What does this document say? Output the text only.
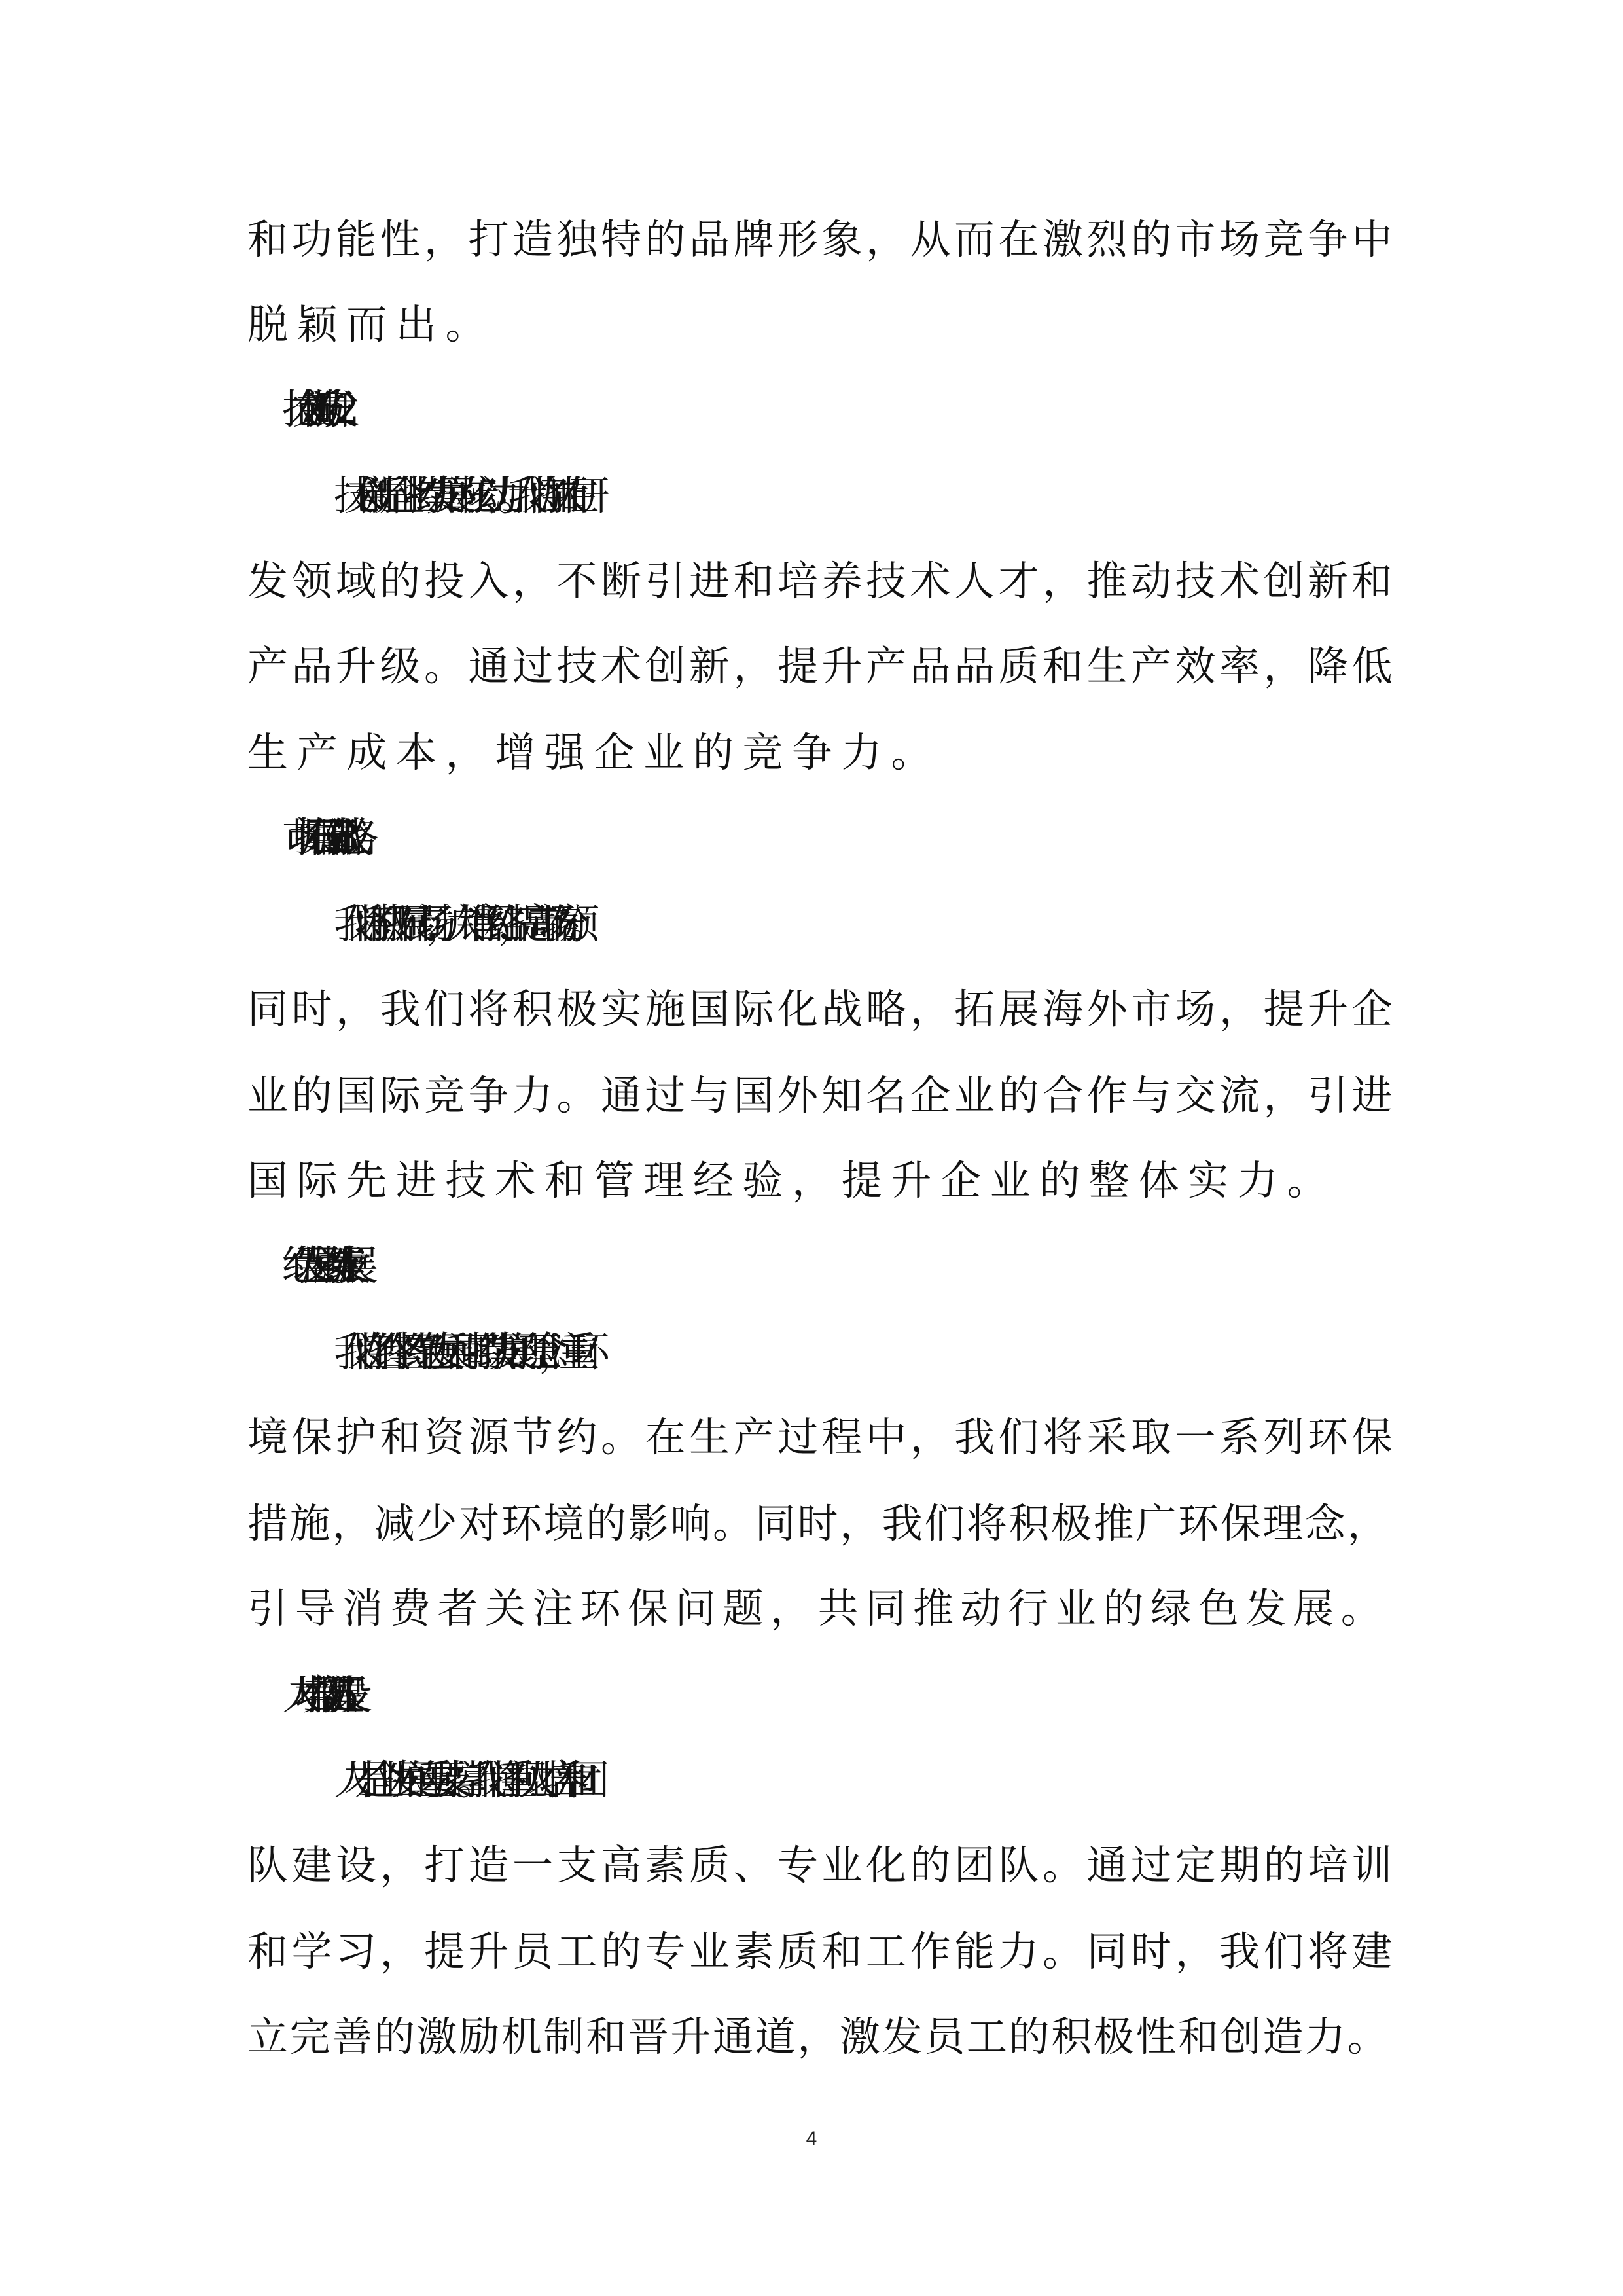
和功能性，打造独特的品牌形象，从而在激烈的市场竞争中
脱颖而出。
技术创新是企业持续发展的核心动力。我们将加大在研
发领域的投入，不断引进和培养技术人才，推动技术创新和
产品升级。通过技术创新，提升产品品质和生产效率，降低
生产成本，增强企业的竞争力。
3. 市场拓展与国际化战略
我们将积极拓展市场，扩大销售网络，提高市场份额。
同时，我们将积极实施国际化战略，拓展海外市场，提升企
业的国际竞争力。通过与国外知名企业的合作与交流，引进
国际先进技术和管理经验，提升企业的整体实力。
4. 绿色发展与可持续发展
我们将始终坚持绿色发展和可持续发展的理念，注重环
境保护和资源节约。在生产过程中，我们将采取一系列环保
措施，减少对环境的影响。同时，我们将积极推广环保理念，
引导消费者关注环保问题，共同推动行业的绿色发展。
5. 人才培养与团队建设
人才是企业发展的重要支撑。我们将重视人才培养和团
队建设，打造一支高素质、专业化的团队。通过定期的培训
和学习，提升员工的专业素质和工作能力。同时，我们将建
立完善的激励机制和晋升通道，激发员工的积极性和创造力。
4
